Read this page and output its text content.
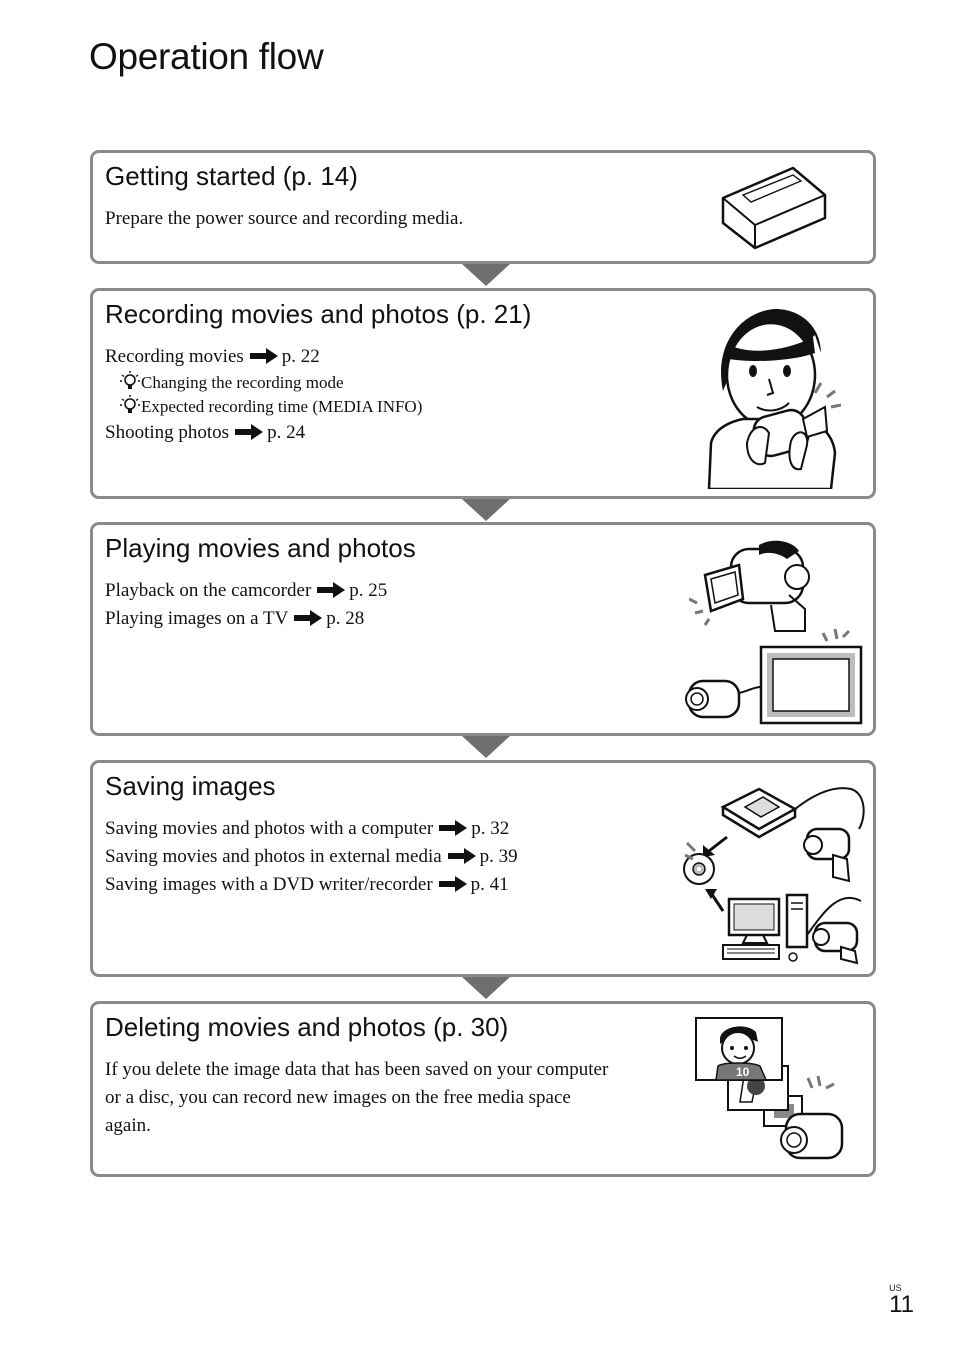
Operation flow
Getting started (p. 14)
Prepare the power source and recording media.
Recording movies and photos (p. 21)
Recording movies p. 22
Changing the recording mode
Expected recording time (MEDIA INFO)
Shooting photos p. 24
Playing movies and photos
Playback on the camcorder p. 25
Playing images on a TV p. 28
Saving images
Saving movies and photos with a computer p. 32
Saving movies and photos in external media p. 39
Saving images with a DVD writer/recorder p. 41
Deleting movies and photos (p. 30)
If you delete the image data that has been saved on your computer
or a disc, you can record new images on the free media space
again.
10
US
11
